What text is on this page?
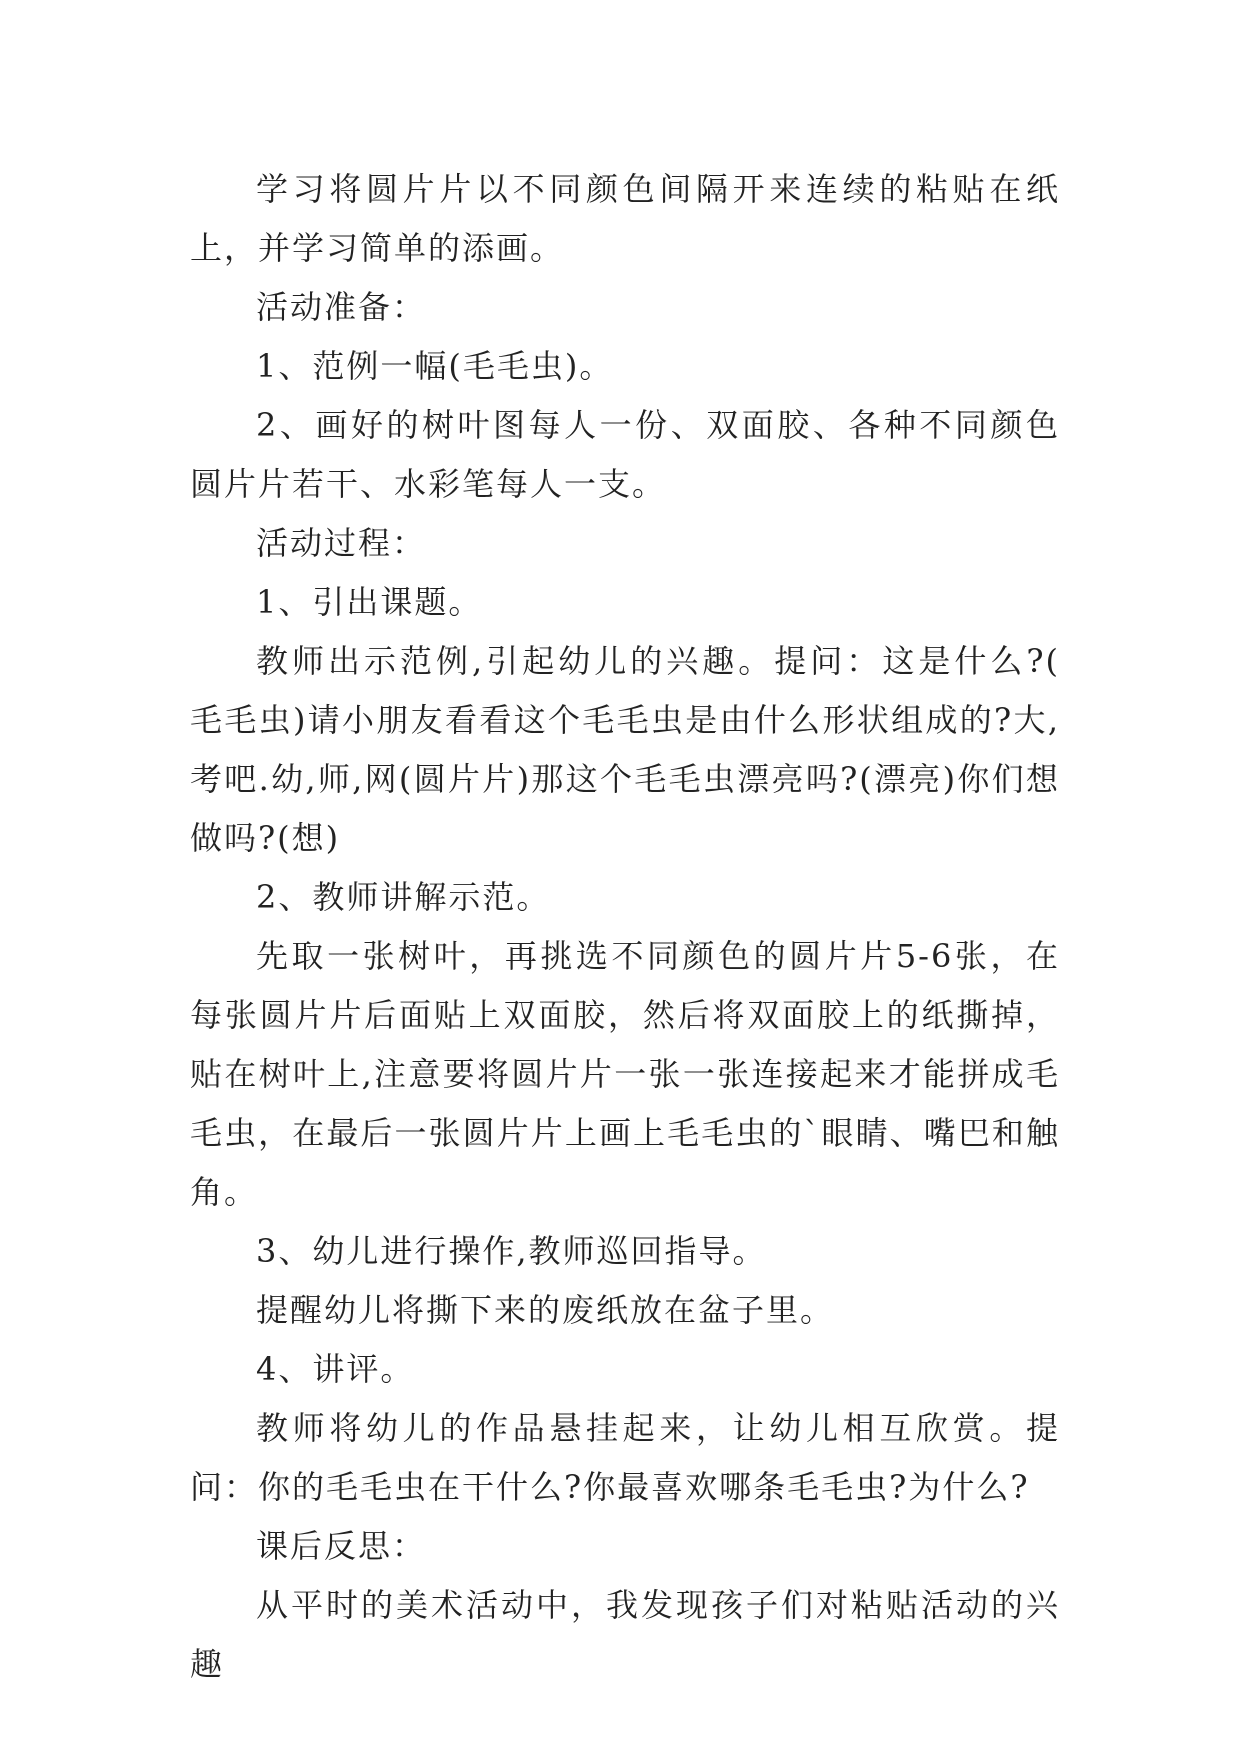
学习将圆片片以不同颜色间隔开来连续的粘贴在纸上，并学习简单的添画。

活动准备：

1、范例一幅(毛毛虫)。

2、画好的树叶图每人一份、双面胶、各种不同颜色圆片片若干、水彩笔每人一支。

活动过程：

1、引出课题。

教师出示范例,引起幼儿的兴趣。提问：这是什么?( 毛毛虫)请小朋友看看这个毛毛虫是由什么形状组成的?大,考吧.幼,师,网(圆片片)那这个毛毛虫漂亮吗?(漂亮)你们想做吗?(想)

2、教师讲解示范。

先取一张树叶，再挑选不同颜色的圆片片5-6张，在每张圆片片后面贴上双面胶，然后将双面胶上的纸撕掉，贴在树叶上,注意要将圆片片一张一张连接起来才能拼成毛毛虫，在最后一张圆片片上画上毛毛虫的`眼睛、嘴巴和触角。

3、幼儿进行操作,教师巡回指导。

提醒幼儿将撕下来的废纸放在盆子里。

4、讲评。

教师将幼儿的作品悬挂起来，让幼儿相互欣赏。提问：你的毛毛虫在干什么?你最喜欢哪条毛毛虫?为什么?

课后反思：

从平时的美术活动中，我发现孩子们对粘贴活动的兴趣
